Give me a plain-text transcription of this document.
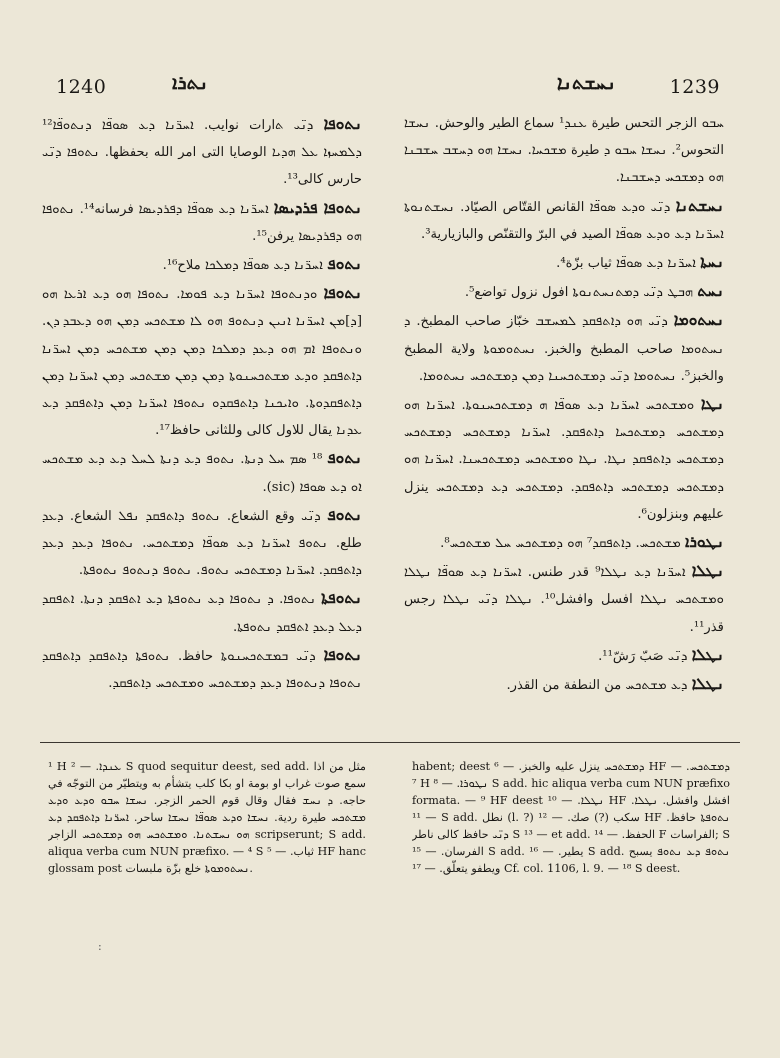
1240	ܢܬܪܐ	ܢܚܫܬܢܐ	1239

ܢܬܘܦܐ ܕܢ̈ܝ ܬارات نوايب. ܐܚܪ̈ܢܐ ܕܥ ܣܘܦ̈ܐ ܕܢܬܘܦ̈ܐ¹² ܕܠܡܚܙܐ ܥܠ ܗܕܝܐ الوصايا التى امر الله بحفظها. ܢܬܘܦܐ ܕܢ̈ܝ حارس كالى¹³.

ܢܬܘܦܐ ܦܪܕܝܣܐ ܐܚܪ̈ܢܐ ܕܥ ܣܘܦ̈ܐ ܕܦܪܕܝܣܐ فرسانه¹⁴. ܢܬܘܦܐ ܗܘ ܕܦܪܕܝܣܐ يرفن¹⁵.

ܢܬܘܦ ܐܚܪ̈ܢܐ ܕܥ ܣܘܦ̈ܐ ܕܡܠܟܐ ملاح¹⁶.

ܢܬܘܦܐ ܘܕܢܬܘܦܐ ܐܚܪ̈ܢܐ ܕܥ ܦܘܡܐ. ܢܬܘܦܐ ܗܘ ܕܥ ܐܪܥܐ ܗܘ [ܕ]ܡܢ ܐܚܪ̈ܢܐ ܐܢܝܢ ܕܢܬܘܦ ܗܘ ܠܐ ܡܫܬܟܚ ܕܡܢ ܗܘ ܕܥܒܕ ܕܢ. ܘܢܬܘܦܐ ܐܡ ܗܘ ܕܥܕ ܕܡܠܟܐ ܕܡܢ ܕܡܢ ܡܫܬܟܚ ܕܡܢ ܐܚܪ̈ܢܐ ܕܐܬܦܩܕ ܘܕܥ ܡܫܬܟܚܢܘܬܐ ܕܡܢ ܕܡܢ ܡܫܬܟܚ ܕܡܢ ܐܚܪ̈ܢܐ ܕܡܢ ܕܐܬܦܩܕܘܬܐ. ܘܐܝܟܢܐ ܕܐܬܦܩܕܘ ܢܬܘܦܐ ܐܚܪ̈ܢܐ ܕܡܢ ܕܐܬܦܩܕ ܕܥ ܥܕܢܐ يقال للاول كالى وللثانى حافظ¹⁷.

ܢܬܘܦ ¹⁸ ܣܡ ܚܠ ܕܢܬܐ. ܢܬܘܦ ܕܥ ܕܢܬܐ ܠܚܠ ܕܥ ܕܥ ܡܫܬܟܚ ܐܘ ܕܥ ܣܘܦܐ (sic).

ܢܬܘܦ ܕܢ̈ܝ وقع الشعاع. ܢܬܘܦ ܕܐܬܦܩܕ ܢܦܠ الشعاع. ܕܥܕ طلع. ܢܬܘܦ ܐܚܪ̈ܢܐ ܕܥ ܣܘܦ̈ܐ ܕܡܫܬܟܚ. ܢܬܘܦܐ ܕܥܕ ܕܥܕ ܕܐܬܦܩܕ. ܐܚܪ̈ܢܐ ܕܡܫܬܟܚ ܢܬܘܦ. ܢܬܘܦ ܕܢܬܘܦ ܢܬܘܦܬܐ.

ܢܬܘܦܬܐ ܢܬܘܦܐ. ܕ ܢܬܘܦܐ ܕܥ ܢܬܘܦܬܐ ܕܥ ܐܬܦܩܕ ܕܢܬܐ. ܐܬܦܩܕ ܕܥܠ ܕܥܕ ܐܬܦܩܕ ܢܬܘܦܬܐ.

ܢܬܘܦܐ ܕܢ̈ܝ ܒܡܫܬܟܚܢܘܬܐ حافظ. ܢܬܘܦܬܐ ܕܐܬܦܩܕ ܕܐܬܦܩܕ ܢܬܘܦܐ ܕܢܬܘܦܐ ܕܥܕ ܕܡܫܬܟܚ ܘܡܫܬܟܚ ܕܐܬܦܩܕ.

ܚܒܘ الزجر التحس طيرة ܥܢܕ¹ سماع الطير والوحش. ܢܚܫܐ التحوس². ܢܚܫܐ ܚܒܘ ܕ طيرة ܡܫܟܚܐ. ܢܚܫܐ ܗܘ ܕܚܫܒ ܚܫܒܢܐ ܗܘ ܕܡܫܟܚ ܕܚܫܒܢܐ.

ܢܚܫܬܢܐ ܕܢ̈ܝ ܘܕܥ ܣܘܦ̈ܐ القانص القتّاص الصيّاد. ܢܚܫܬܢܘܬܐ ܐܚܪ̈ܢܐ ܕܥ ܘܕܥ ܣܘܦ̈ܐ الصيد في البرّ والتقنّص والبازيارية³.

ܢܚܬܐ ܐܚܪ̈ܢܐ ܕܥ ܣܘܦ̈ܐ ثياب بزّة⁴.

ܢܚܬ ܗܒܛ ܕܢ̈ܝ ܕܡܬܢܚܬܢܘܬܐ افول نزول تواضع⁵.

ܢܚܬܘܡܐ ܕܢ̈ܝ ܗܘ ܕܐܬܦܩܕ ܠܡܚܫܒ خبّاز صاحب المطبخ. ܕ ܢܚܬܘܡܐ صاحب المطبخ والخبز. ܢܚܬܘܡܘܬܐ ولاية المطبخ والخبز⁵. ܢܚܬܘܡܐ ܕܢ̈ܝ ܕܡܫܬܟܚܢܐ ܕܡܢ ܕܡܫܬܟܚ ܢܚܬܘܡܐ.

ܢܛܐ ܘܡܫܬܟܚ ܐܚܪ̈ܢܐ ܕܥ ܣܘܦ̈ܐ ܗ ܕܡܫܬܟܚܢܘܬܐ. ܐܚܪ̈ܢܐ ܗܘ ܕܡܫܬܟܚ ܕܡܫܬܟܚܐ ܕܐܬܦܩܕ. ܐܚܪ̈ܢܐ ܕܡܫܬܟܚ ܕܡܫܬܟܚ ܕܡܫܬܟܚ ܕܐܬܦܩܕ ܢܛܐ. ܢܛܐ ܘܡܫܬܟܚ ܕܡܫܬܟܚܢܐ. ܐܚܪ̈ܢܐ ܗܘ ܕܡܫܬܟܚ ܕܡܫܬܟܚ ܕܐܬܦܩܕ. ܕܡܫܬܟܚ ܕܥ ܕܡܫܬܟܚ ينزل عليهم وبنزلون⁶.

ܢܛܘܪܐ ܡܫܬܟܚ. ܕܐܬܦܩܕ⁷ ܗܘ ܕܡܫܬܟܚ ܚܠ ܡܫܬܟܚ⁸.

ܢܛܠܐ ܐܚܪ̈ܢܐ ܕܥ ܢܛܠܐ⁹ قدر طنس. ܐܚܪ̈ܢܐ ܕܥ ܣܘܦ̈ܐ ܢܛܠܐ ܘܡܫܬܟܚ ܢܛܠܐ افسل وافشل¹⁰. ܢܛܠܐ ܕܢ̈ܝ ܢܛܠܐ رجس قذر¹¹.

ܢܛܠܐ ܕܢ̈ܝ صَبّ رَشّ¹¹.

ܢܛܠܐ ܕܥ ܡܫܬܟܚ من النطفة من القذر.

¹ H ܥܢܕܐ. — ² S quod sequitur deest, sed add. مثل من اذا سمع صوت غراب او بومة او بكا كلب يتشأم به ويتطيّر من التوجّه في حاجه. ܕ ܢܚܫ فقال وقال قوم الحمر الزجر. ܢܚܫܐ ܚܒܘ ܘܕܥ ܘܕܥ ܡܫܬܟܚ طيرة ردية. ܢܚܫܐ ܘܕܥ ܣܘܦ̈ܐ ܢܚܫܐ ساحر. ܐܚܪ̈ܢܐ ܕܐܬܦܩܕ ܕܥ ܗܘ ܢܚܫܬܢܐ. ܘܡܫܬܟܚ ܗܘ ܕܡܫܬܟܚ الزاجر scripserunt; S add. aliqua verba cum NUN præfixo. — ⁴ S ثياب. — ⁵ HF hanc glossam post ܢܚܬܘܡܘܬܐ خلع بزّة ملبسات.

habent; deest ܕܡܫܬܟܚ ينزل عليه والخبز. — ⁶ HF ܕܡܫܬܟܚ. — ⁷ H ܢܛܘܪܐ. — ⁸ S add. hic aliqua verba cum NUN præfixo formata. — ⁹ HF deest ܢܛܠܐ. — ¹⁰ HF افشل وافشل. ܢܛܠܐ. — ¹¹ S add. نطل (l. ?) سكب (?) صك. — ¹² HF ܢܬܘܦܬܐ حافظ. ܕܢ̈ܝ حافظ كالى ناطر S ¹³ — et add. الحفظ. — ¹⁴ F الفراسات; S الفرسان. — ¹⁵ S add. يطير. — ¹⁶ S add. ܢܬܘܦ ܕܥ ܢܬܘܦ يسبح ويطفو يتعلّق. — ¹⁷ Cf. col. 1106, l. 9. — ¹⁸ S deest.

:
